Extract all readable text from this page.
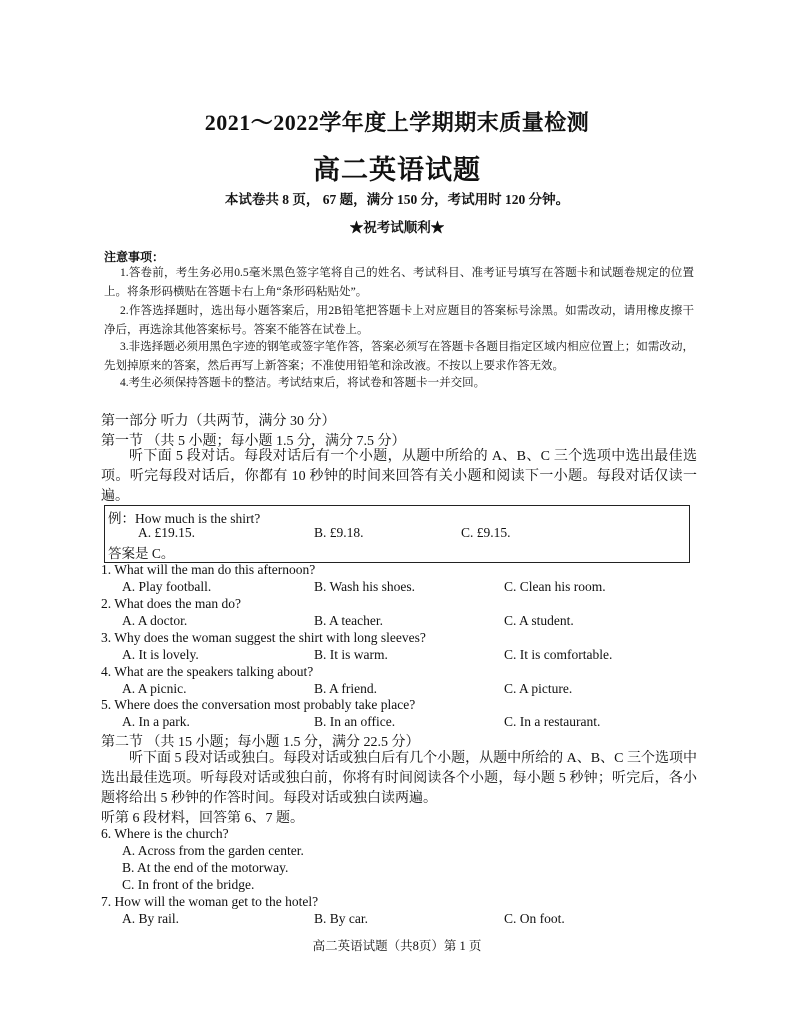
2021～2022学年度上学期期末质量检测
高二英语试题
本试卷共 8 页， 67 题，满分 150 分，考试用时 120 分钟。
★祝考试顺利★
注意事项：
1.答卷前，考生务必用0.5毫米黑色签字笔将自己的姓名、考试科目、准考证号填写在答题卡和试题卷规定的位置上。将条形码横贴在答题卡右上角“条形码粘贴处”。
2.作答选择题时，选出每小题答案后，用2B铅笔把答题卡上对应题目的答案标号涂黑。如需改动，请用橡皮擦干净后，再选涂其他答案标号。答案不能答在试卷上。
3.非选择题必须用黑色字迹的钢笔或签字笔作答，答案必须写在答题卡各题目指定区域内相应位置上；如需改动，先划掉原来的答案，然后再写上新答案；不准使用铅笔和涂改液。不按以上要求作答无效。
4.考生必须保持答题卡的整洁。考试结束后，将试卷和答题卡一并交回。
第一部分 听力（共两节，满分 30 分）
第一节 （共 5 小题；每小题 1.5 分，满分 7.5 分）
听下面 5 段对话。每段对话后有一个小题，从题中所给的 A、B、C 三个选项中选出最佳选项。听完每段对话后，你都有 10 秒钟的时间来回答有关小题和阅读下一小题。每段对话仅读一遍。
例：How much is the shirt?
A. £19.15.	B. £9.18.	C. £9.15.
答案是 C。
1. What will the man do this afternoon?
A. Play football.	B. Wash his shoes.	C. Clean his room.
2. What does the man do?
A. A doctor.	B. A teacher.	C. A student.
3. Why does the woman suggest the shirt with long sleeves?
A. It is lovely.	B. It is warm.	C. It is comfortable.
4. What are the speakers talking about?
A. A picnic.	B. A friend.	C. A picture.
5. Where does the conversation most probably take place?
A. In a park.	B. In an office.	C. In a restaurant.
第二节 （共 15 小题；每小题 1.5 分，满分 22.5 分）
听下面 5 段对话或独白。每段对话或独白后有几个小题，从题中所给的 A、B、C 三个选项中选出最佳选项。听每段对话或独白前，你将有时间阅读各个小题，每小题 5 秒钟；听完后，各小题将给出 5 秒钟的作答时间。每段对话或独白读两遍。
听第 6 段材料，回答第 6、7 题。
6. Where is the church?
A. Across from the garden center.
B. At the end of the motorway.
C. In front of the bridge.
7. How will the woman get to the hotel?
A. By rail.	B. By car.	C. On foot.
高二英语试题（共8页）第 1 页
